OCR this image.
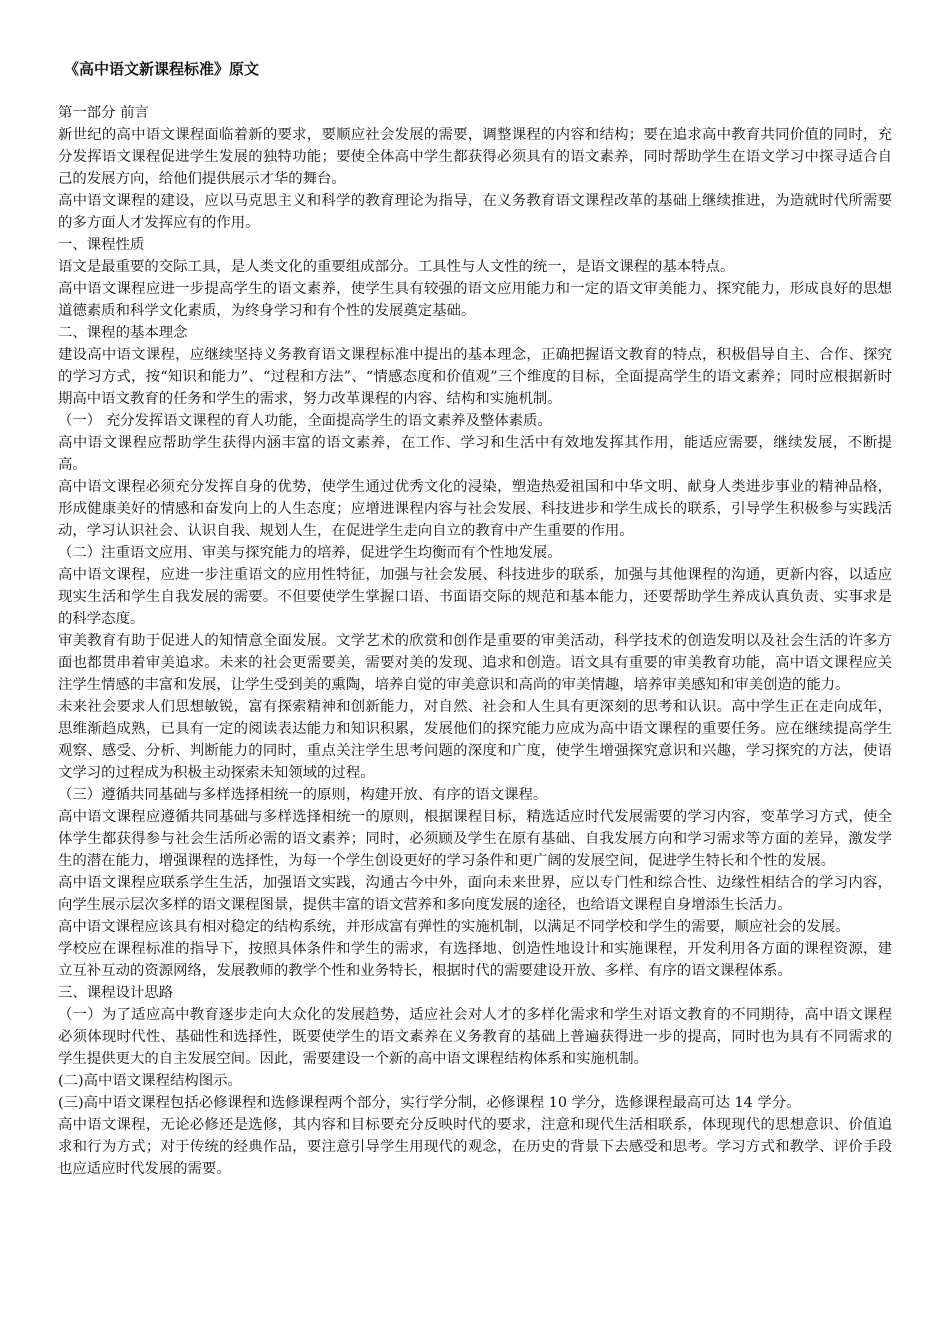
《高中语文新课程标准》原文

第一部分 前言

新世纪的高中语文课程面临着新的要求，要顺应社会发展的需要，调整课程的内容和结构；要在追求高中教育共同价值的同时，充分发挥语文课程促进学生发展的独特功能；要使全体高中学生都获得必须具有的语文素养，同时帮助学生在语文学习中探寻适合自己的发展方向，给他们提供展示才华的舞台。

高中语文课程的建设，应以马克思主义和科学的教育理论为指导，在义务教育语文课程改革的基础上继续推进，为造就时代所需要的多方面人才发挥应有的作用。

一、课程性质

语文是最重要的交际工具，是人类文化的重要组成部分。工具性与人文性的统一，是语文课程的基本特点。

高中语文课程应进一步提高学生的语文素养，使学生具有较强的语文应用能力和一定的语文审美能力、探究能力，形成良好的思想道德素质和科学文化素质，为终身学习和有个性的发展奠定基础。

二、课程的基本理念

建设高中语文课程，应继续坚持义务教育语文课程标准中提出的基本理念，正确把握语文教育的特点，积极倡导自主、合作、探究的学习方式，按“知识和能力”、“过程和方法”、“情感态度和价值观”三个维度的目标，全面提高学生的语文素养；同时应根据新时期高中语文教育的任务和学生的需求，努力改革课程的内容、结构和实施机制。

（一） 充分发挥语文课程的育人功能，全面提高学生的语文素养及整体素质。

高中语文课程应帮助学生获得内涵丰富的语文素养，在工作、学习和生活中有效地发挥其作用，能适应需要，继续发展，不断提高。

高中语文课程必须充分发挥自身的优势，使学生通过优秀文化的浸染，塑造热爱祖国和中华文明、献身人类进步事业的精神品格，形成健康美好的情感和奋发向上的人生态度；应增进课程内容与社会发展、科技进步和学生成长的联系，引导学生积极参与实践活动，学习认识社会、认识自我、规划人生，在促进学生走向自立的教育中产生重要的作用。

（二）注重语文应用、审美与探究能力的培养，促进学生均衡而有个性地发展。

高中语文课程，应进一步注重语文的应用性特征，加强与社会发展、科技进步的联系，加强与其他课程的沟通，更新内容，以适应现实生活和学生自我发展的需要。不但要使学生掌握口语、书面语交际的规范和基本能力，还要帮助学生养成认真负责、实事求是的科学态度。

审美教育有助于促进人的知情意全面发展。文学艺术的欣赏和创作是重要的审美活动，科学技术的创造发明以及社会生活的许多方面也都贯串着审美追求。未来的社会更需要美，需要对美的发现、追求和创造。语文具有重要的审美教育功能，高中语文课程应关注学生情感的丰富和发展，让学生受到美的熏陶，培养自觉的审美意识和高尚的审美情趣，培养审美感知和审美创造的能力。

未来社会要求人们思想敏锐，富有探索精神和创新能力，对自然、社会和人生具有更深刻的思考和认识。高中学生正在走向成年，思维渐趋成熟，已具有一定的阅读表达能力和知识积累，发展他们的探究能力应成为高中语文课程的重要任务。应在继续提高学生观察、感受、分析、判断能力的同时，重点关注学生思考问题的深度和广度，使学生增强探究意识和兴趣，学习探究的方法，使语文学习的过程成为积极主动探索未知领域的过程。

（三）遵循共同基础与多样选择相统一的原则，构建开放、有序的语文课程。

高中语文课程应遵循共同基础与多样选择相统一的原则，根据课程目标，精选适应时代发展需要的学习内容，变革学习方式，使全体学生都获得参与社会生活所必需的语文素养；同时，必须顾及学生在原有基础、自我发展方向和学习需求等方面的差异，激发学生的潜在能力，增强课程的选择性，为每一个学生创设更好的学习条件和更广阔的发展空间，促进学生特长和个性的发展。

高中语文课程应联系学生生活，加强语文实践，沟通古今中外，面向未来世界，应以专门性和综合性、边缘性相结合的学习内容，向学生展示层次多样的语文课程图景，提供丰富的语文营养和多向度发展的途径，也给语文课程自身增添生长活力。

高中语文课程应该具有相对稳定的结构系统，并形成富有弹性的实施机制，以满足不同学校和学生的需要，顺应社会的发展。

学校应在课程标准的指导下，按照具体条件和学生的需求，有选择地、创造性地设计和实施课程，开发利用各方面的课程资源，建立互补互动的资源网络，发展教师的教学个性和业务特长，根据时代的需要建设开放、多样、有序的语文课程体系。

三、课程设计思路

（一）为了适应高中教育逐步走向大众化的发展趋势，适应社会对人才的多样化需求和学生对语文教育的不同期待，高中语文课程必须体现时代性、基础性和选择性，既要使学生的语文素养在义务教育的基础上普遍获得进一步的提高，同时也为具有不同需求的学生提供更大的自主发展空间。因此，需要建设一个新的高中语文课程结构体系和实施机制。

(二)高中语文课程结构图示。

(三)高中语文课程包括必修课程和选修课程两个部分，实行学分制，必修课程 10 学分，选修课程最高可达 14 学分。

高中语文课程，无论必修还是选修，其内容和目标要充分反映时代的要求，注意和现代生活相联系，体现现代的思想意识、价值追求和行为方式；对于传统的经典作品，要注意引导学生用现代的观念，在历史的背景下去感受和思考。学习方式和教学、评价手段也应适应时代发展的需要。
